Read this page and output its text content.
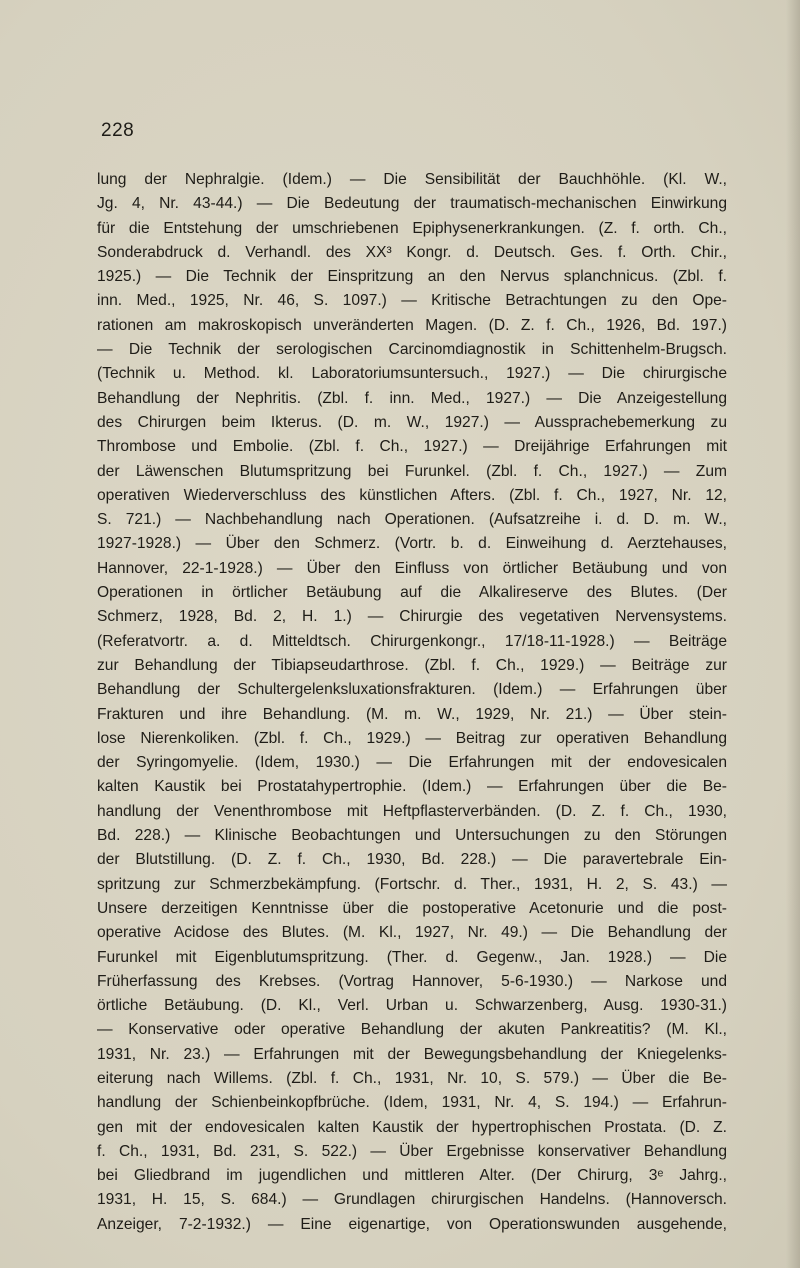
228
lung der Nephralgie. (Idem.) — Die Sensibilität der Bauchhöhle. (Kl. W.,
Jg. 4, Nr. 43-44.) — Die Bedeutung der traumatisch-mechanischen Einwirkung
für die Entstehung der umschriebenen Epiphysenerkrankungen. (Z. f. orth. Ch.,
Sonderabdruck d. Verhandl. des XX³ Kongr. d. Deutsch. Ges. f. Orth. Chir.,
1925.) — Die Technik der Einspritzung an den Nervus splanchnicus. (Zbl. f.
inn. Med., 1925, Nr. 46, S. 1097.) — Kritische Betrachtungen zu den Ope-
rationen am makroskopisch unveränderten Magen. (D. Z. f. Ch., 1926, Bd. 197.)
— Die Technik der serologischen Carcinomdiagnostik in Schittenhelm-Brugsch.
(Technik u. Method. kl. Laboratoriumsuntersuch., 1927.) — Die chirurgische
Behandlung der Nephritis. (Zbl. f. inn. Med., 1927.) — Die Anzeigestellung
des Chirurgen beim Ikterus. (D. m. W., 1927.) — Aussprachebemerkung zu
Thrombose und Embolie. (Zbl. f. Ch., 1927.) — Dreijährige Erfahrungen mit
der Läwenschen Blutumspritzung bei Furunkel. (Zbl. f. Ch., 1927.) — Zum
operativen Wiederverschluss des künstlichen Afters. (Zbl. f. Ch., 1927, Nr. 12,
S. 721.) — Nachbehandlung nach Operationen. (Aufsatzreihe i. d. D. m. W.,
1927-1928.) — Über den Schmerz. (Vortr. b. d. Einweihung d. Aerztehauses,
Hannover, 22-1-1928.) — Über den Einfluss von örtlicher Betäubung und von
Operationen in örtlicher Betäubung auf die Alkalireserve des Blutes. (Der
Schmerz, 1928, Bd. 2, H. 1.) — Chirurgie des vegetativen Nervensystems.
(Referatvortr. a. d. Mitteldtsch. Chirurgenkongr., 17/18-11-1928.) — Beiträge
zur Behandlung der Tibiapseudarthrose. (Zbl. f. Ch., 1929.) — Beiträge zur
Behandlung der Schultergelenksluxationsfrakturen. (Idem.) — Erfahrungen über
Frakturen und ihre Behandlung. (M. m. W., 1929, Nr. 21.) — Über stein-
lose Nierenkoliken. (Zbl. f. Ch., 1929.) — Beitrag zur operativen Behandlung
der Syringomyelie. (Idem, 1930.) — Die Erfahrungen mit der endovesicalen
kalten Kaustik bei Prostatahypertrophie. (Idem.) — Erfahrungen über die Be-
handlung der Venenthrombose mit Heftpflasterverbänden. (D. Z. f. Ch., 1930,
Bd. 228.) — Klinische Beobachtungen und Untersuchungen zu den Störungen
der Blutstillung. (D. Z. f. Ch., 1930, Bd. 228.) — Die paravertebrale Ein-
spritzung zur Schmerzbekämpfung. (Fortschr. d. Ther., 1931, H. 2, S. 43.) —
Unsere derzeitigen Kenntnisse über die postoperative Acetonurie und die post-
operative Acidose des Blutes. (M. Kl., 1927, Nr. 49.) — Die Behandlung der
Furunkel mit Eigenblutumspritzung. (Ther. d. Gegenw., Jan. 1928.) — Die
Früherfassung des Krebses. (Vortrag Hannover, 5-6-1930.) — Narkose und
örtliche Betäubung. (D. Kl., Verl. Urban u. Schwarzenberg, Ausg. 1930-31.)
— Konservative oder operative Behandlung der akuten Pankreatitis? (M. Kl.,
1931, Nr. 23.) — Erfahrungen mit der Bewegungsbehandlung der Kniegelenks-
eiterung nach Willems. (Zbl. f. Ch., 1931, Nr. 10, S. 579.) — Über die Be-
handlung der Schienbeinkopfbrüche. (Idem, 1931, Nr. 4, S. 194.) — Erfahrun-
gen mit der endovesicalen kalten Kaustik der hypertrophischen Prostata. (D. Z.
f. Ch., 1931, Bd. 231, S. 522.) — Über Ergebnisse konservativer Behandlung
bei Gliedbrand im jugendlichen und mittleren Alter. (Der Chirurg, 3ᵉ Jahrg.,
1931, H. 15, S. 684.) — Grundlagen chirurgischen Handelns. (Hannoversch.
Anzeiger, 7-2-1932.) — Eine eigenartige, von Operationswunden ausgehende,
